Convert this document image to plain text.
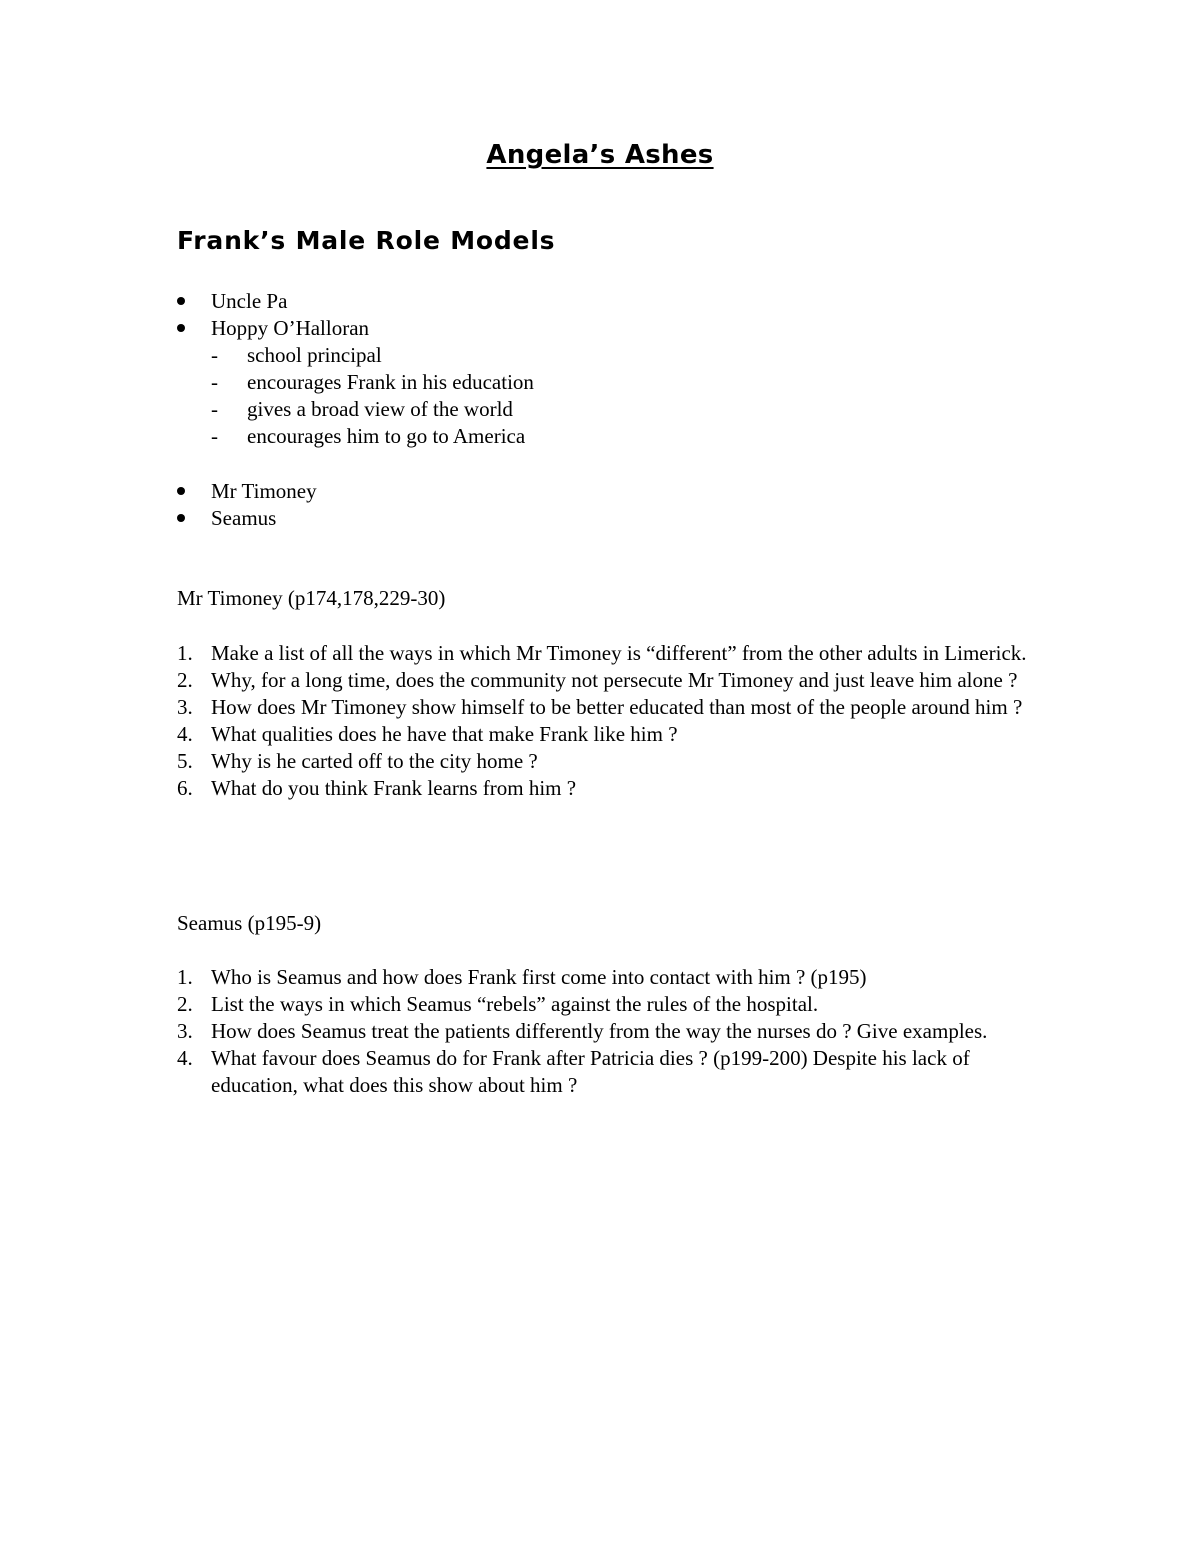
Angela’s Ashes
Frank’s Male Role Models
Uncle Pa
Hoppy O’Halloran
-	school principal
-	encourages Frank in his education
-	gives a broad view of the world
-	encourages him to go to America
Mr Timoney
Seamus
Mr Timoney (p174,178,229-30)
1. Make a list of all the ways in which Mr Timoney is “different” from the other adults in Limerick.
2. Why, for a long time, does the community not persecute Mr Timoney and just leave him alone ?
3. How does Mr Timoney show himself to be better educated than most of the people around him ?
4. What qualities does he have that make Frank like him ?
5. Why is he carted off to the city home ?
6. What do you think Frank learns from him ?
Seamus (p195-9)
1. Who is Seamus and how does Frank first come into contact with him ? (p195)
2. List the ways in which Seamus “rebels” against the rules of the hospital.
3. How does Seamus treat the patients differently from the way the nurses do ? Give examples.
4. What favour does Seamus do for Frank after Patricia dies ? (p199-200) Despite his lack of education, what does this show about him ?
